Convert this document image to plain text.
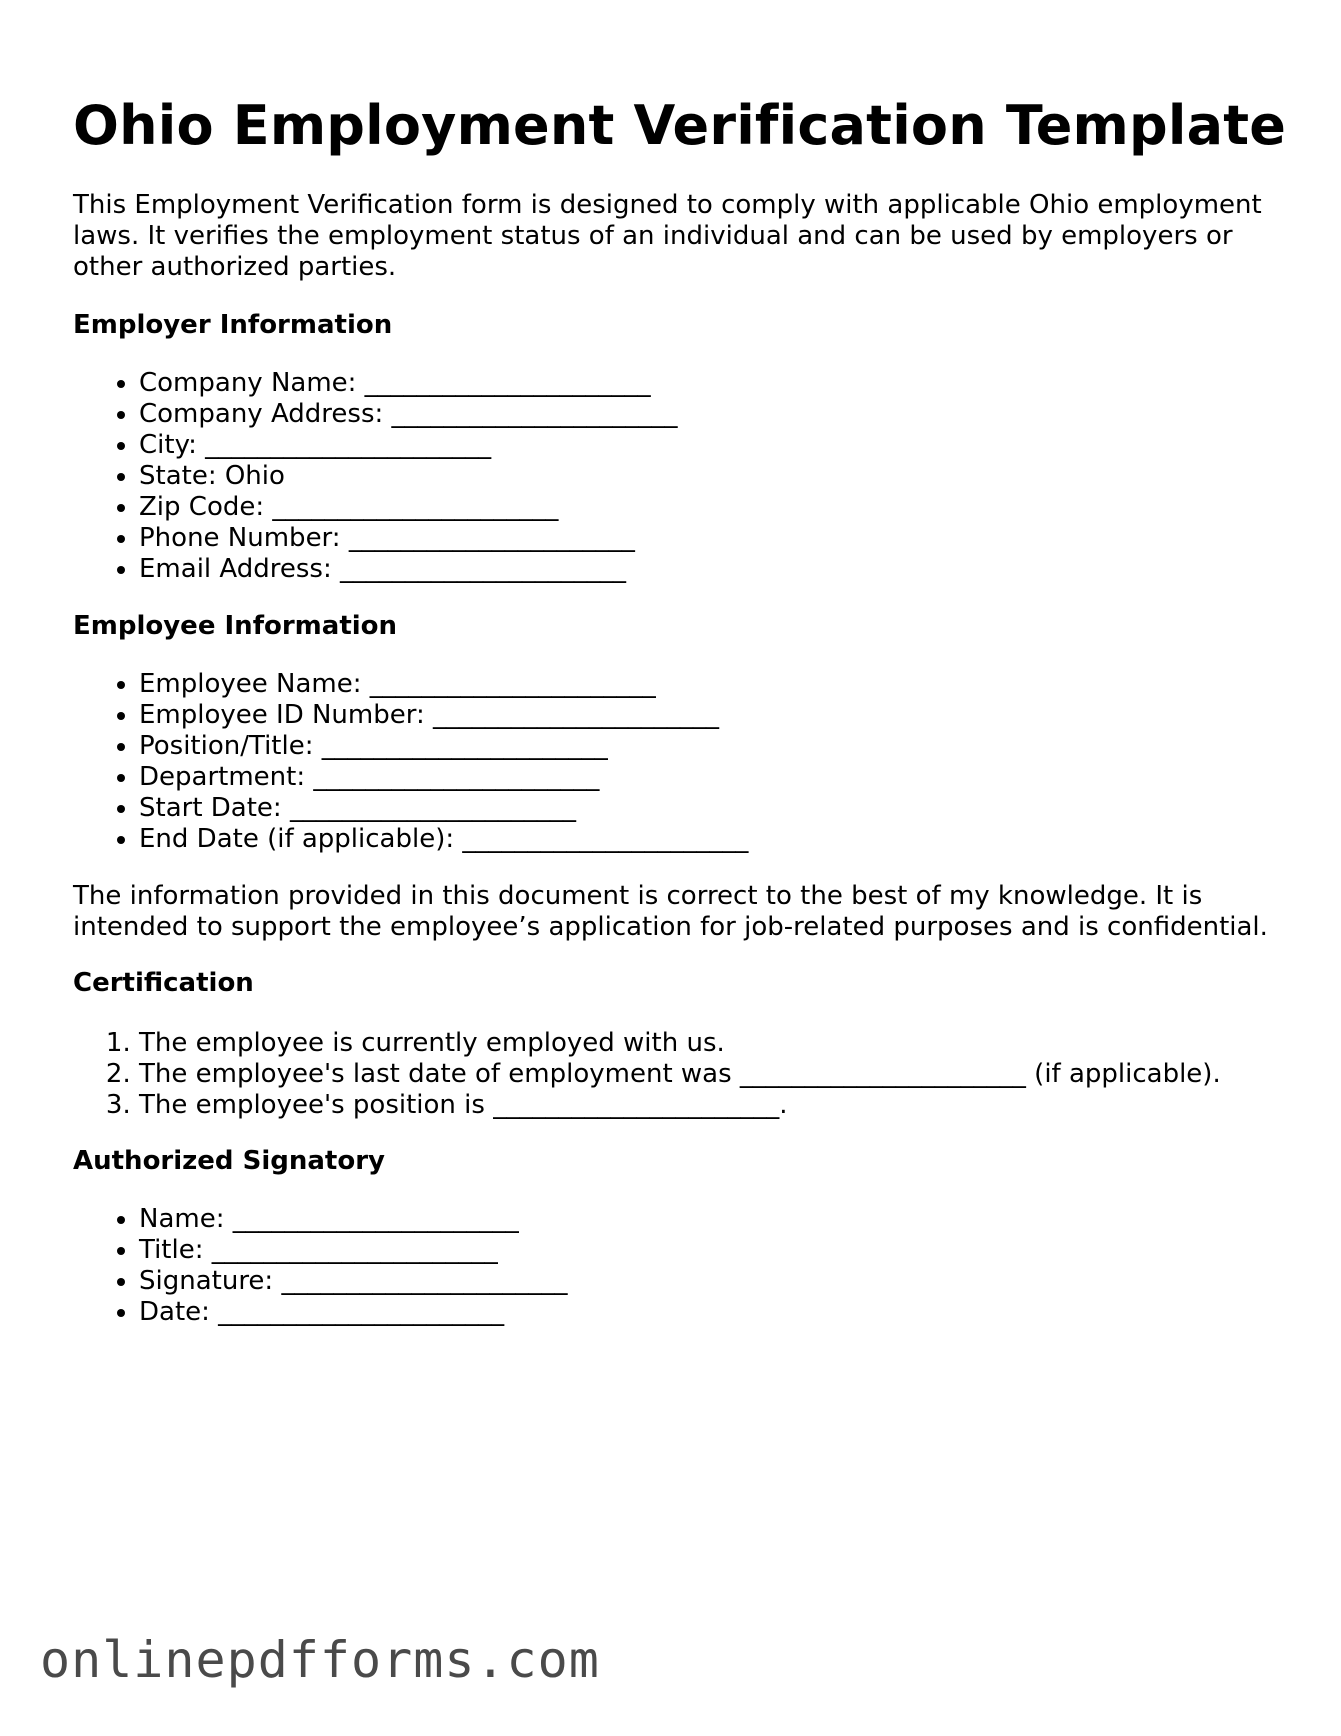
Ohio Employment Verification Template

This Employment Verification form is designed to comply with applicable Ohio employment laws. It verifies the employment status of an individual and can be used by employers or other authorized parties.

Employer Information
• Company Name: ______________________
• Company Address: ______________________
• City: ______________________
• State: Ohio
• Zip Code: ______________________
• Phone Number: ______________________
• Email Address: ______________________
Employee Information
• Employee Name: ______________________
• Employee ID Number: ______________________
• Position/Title: ______________________
• Department: ______________________
• Start Date: ______________________
• End Date (if applicable): ______________________

The information provided in this document is correct to the best of my knowledge. It is intended to support the employee’s application for job-related purposes and is confidential.

Certification
1. The employee is currently employed with us.
2. The employee's last date of employment was ______________________ (if applicable).
3. The employee's position is ______________________.
Authorized Signatory
• Name: ______________________
• Title: ______________________
• Signature: ______________________
• Date: ______________________
onlinepdfforms.com
